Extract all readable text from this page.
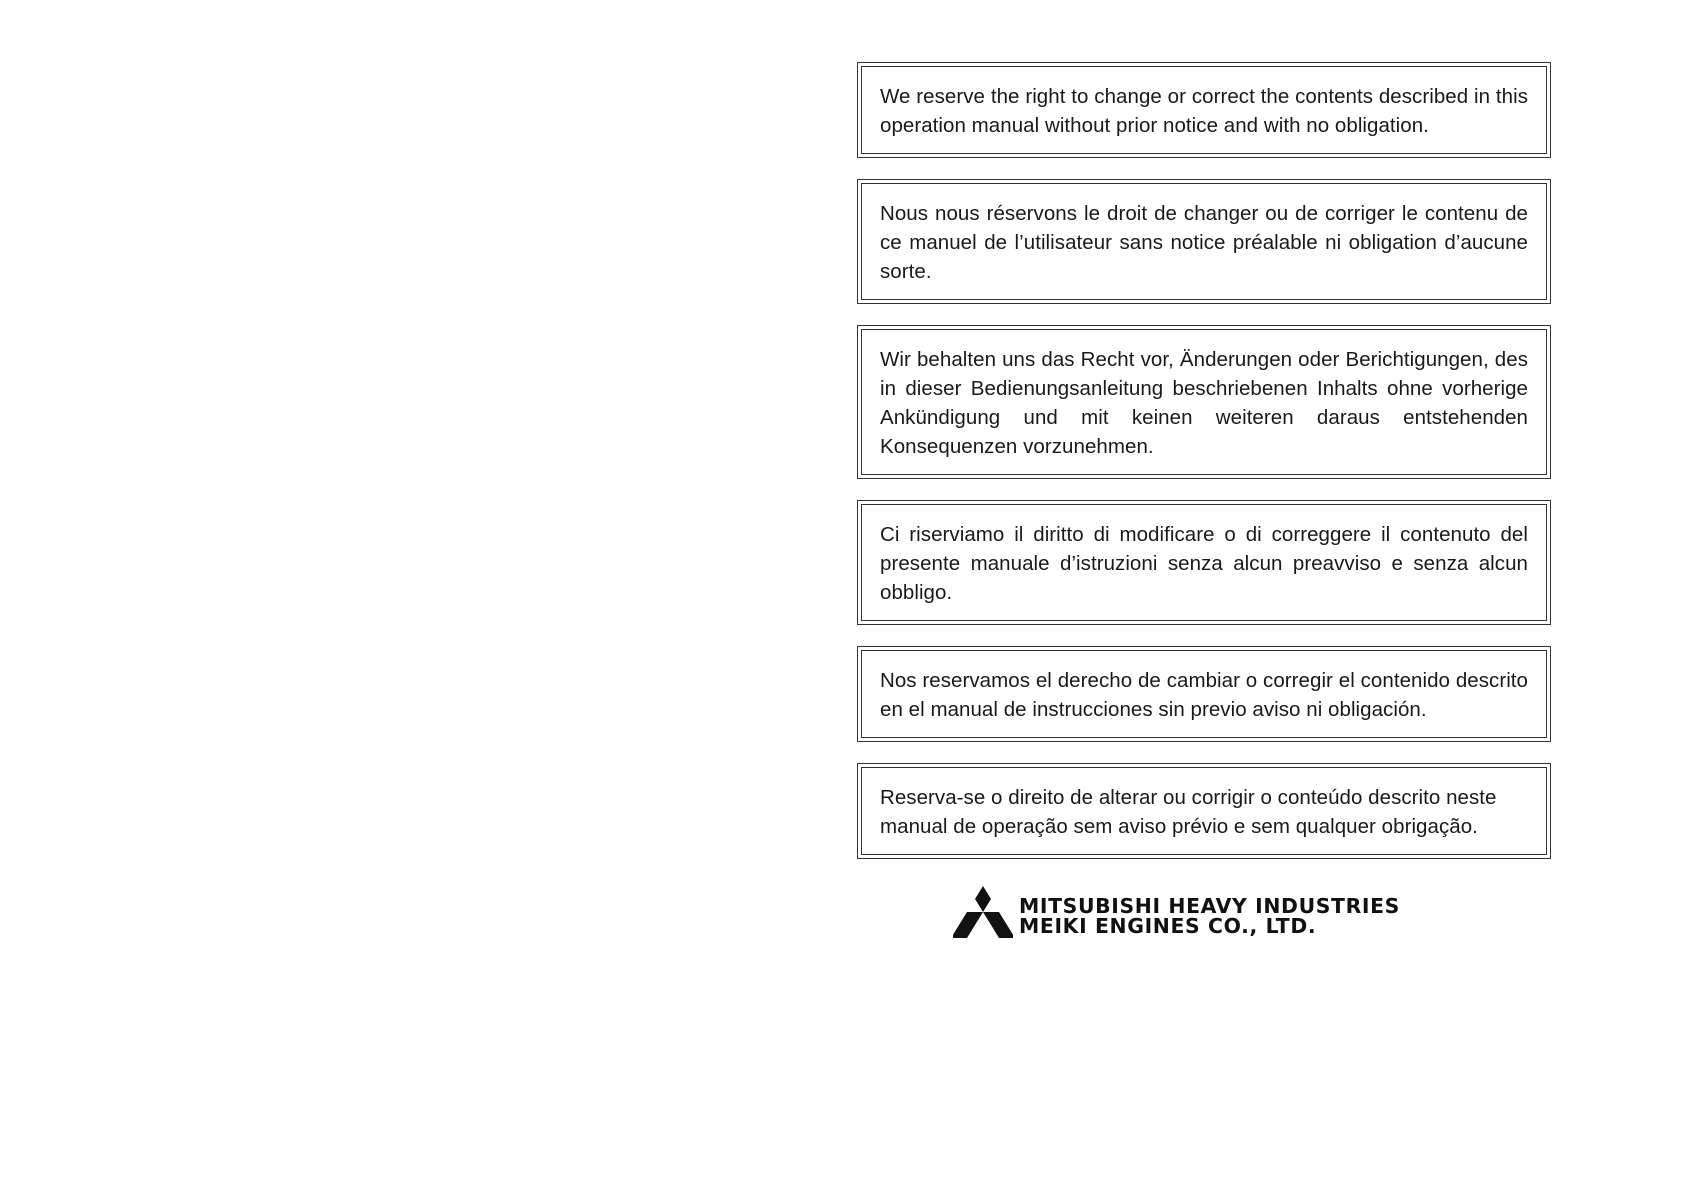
We reserve the right to change or correct the contents described in this operation manual without prior notice and with no obligation.
Nous nous réservons le droit de changer ou de corriger le contenu de ce manuel de l’utilisateur sans notice préalable ni obligation d’aucune sorte.
Wir behalten uns das Recht vor, Änderungen oder Berichtigungen, des in dieser Bedienungsanleitung beschriebenen Inhalts ohne vorherige Ankündigung und mit keinen weiteren daraus entstehenden Konsequenzen vorzunehmen.
Ci riserviamo il diritto di modificare o di correggere il contenuto del presente manuale d’istruzioni senza alcun preavviso e senza alcun obbligo.
Nos reservamos el derecho de cambiar o corregir el contenido descrito en el manual de instrucciones sin previo aviso ni obligación.
Reserva-se o direito de alterar ou corrigir o conteúdo descrito neste manual de operação sem aviso prévio e sem qualquer obrigação.
MITSUBISHI HEAVY INDUSTRIES
MEIKI ENGINES CO., LTD.
